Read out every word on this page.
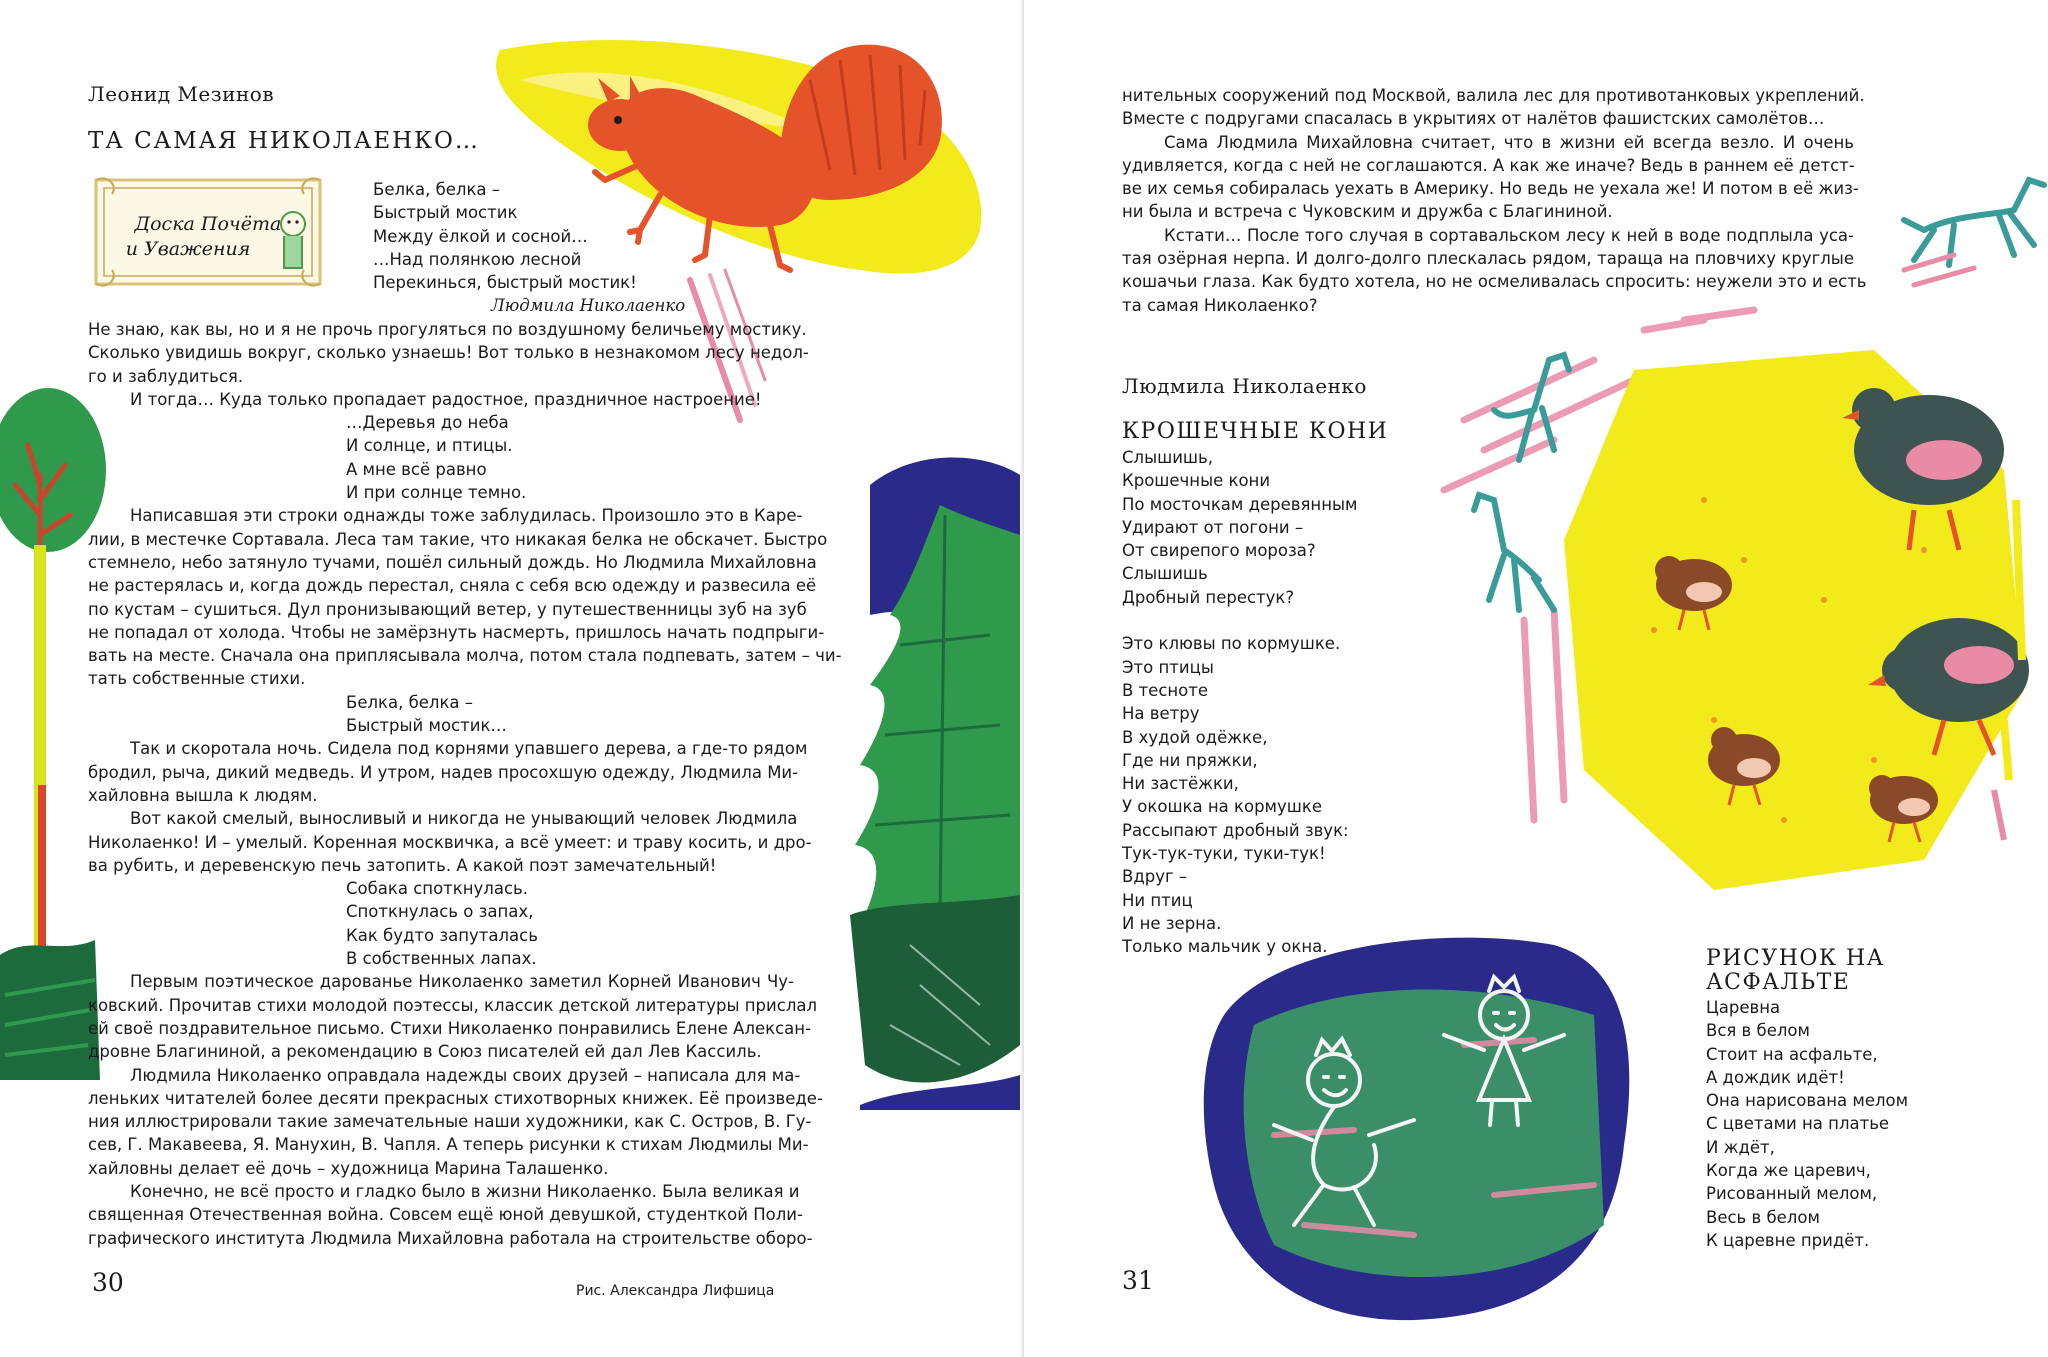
Доска Почёта
и Уважения
Леонид Мезинов
ТА САМАЯ НИКОЛАЕНКО…
Белка, белка –
Быстрый мостик
Между ёлкой и сосной…
…Над полянкою лесной
Перекинься, быстрый мостик!
Людмила Николаенко
Не знаю, как вы, но и я не прочь прогуляться по воздушному беличьему мостику.
Сколько увидишь вокруг, сколько узнаешь! Вот только в незнакомом лесу недол-
го и заблудиться.
И тогда… Куда только пропадает радостное, праздничное настроение!
…Деревья до неба
И солнце, и птицы.
А мне всё равно
И при солнце темно.
Написавшая эти строки однажды тоже заблудилась. Произошло это в Каре-
лии, в местечке Сортавала. Леса там такие, что никакая белка не обскачет. Быстро
стемнело, небо затянуло тучами, пошёл сильный дождь. Но Людмила Михайловна
не растерялась и, когда дождь перестал, сняла с себя всю одежду и развесила её
по кустам – сушиться. Дул пронизывающий ветер, у путешественницы зуб на зуб
не попадал от холода. Чтобы не замёрзнуть насмерть, пришлось начать подпрыги-
вать на месте. Сначала она приплясывала молча, потом стала подпевать, затем – чи-
тать собственные стихи.
Белка, белка –
Быстрый мостик…
Так и скоротала ночь. Сидела под корнями упавшего дерева, а где-то рядом
бродил, рыча, дикий медведь. И утром, надев просохшую одежду, Людмила Ми-
хайловна вышла к людям.
Вот какой смелый, выносливый и никогда не унывающий человек Людмила
Николаенко! И – умелый. Коренная москвичка, а всё умеет: и траву косить, и дро-
ва рубить, и деревенскую печь затопить. А какой поэт замечательный!
Собака споткнулась.
Споткнулась о запах,
Как будто запуталась
В собственных лапах.
Первым поэтическое дарованье Николаенко заметил Корней Иванович Чу-
ковский. Прочитав стихи молодой поэтессы, классик детской литературы прислал
ей своё поздравительное письмо. Стихи Николаенко понравились Елене Алексан-
дровне Благининой, а рекомендацию в Союз писателей ей дал Лев Кассиль.
Людмила Николаенко оправдала надежды своих друзей – написала для ма-
леньких читателей более десяти прекрасных стихотворных книжек. Её произведе-
ния иллюстрировали такие замечательные наши художники, как С. Остров, В. Гу-
сев, Г. Макавеева, Я. Манухин, В. Чапля. А теперь рисунки к стихам Людмилы Ми-
хайловны делает её дочь – художница Марина Талашенко.
Конечно, не всё просто и гладко было в жизни Николаенко. Была великая и
священная Отечественная война. Совсем ещё юной девушкой, студенткой Поли-
графического института Людмила Михайловна работала на строительстве оборо-
30	Рис. Александра Лифшица
нительных сооружений под Москвой, валила лес для противотанковых укреплений.
Вместе с подругами спасалась в укрытиях от налётов фашистских самолётов…
Сама Людмила Михайловна считает, что в жизни ей всегда везло. И очень
удивляется, когда с ней не соглашаются. А как же иначе? Ведь в раннем её детст-
ве их семья собиралась уехать в Америку. Но ведь не уехала же! И потом в её жиз-
ни была и встреча с Чуковским и дружба с Благининой.
Кстати… После того случая в сортавальском лесу к ней в воде подплыла уса-
тая озёрная нерпа. И долго-долго плескалась рядом, тараща на пловчиху круглые
кошачьи глаза. Как будто хотела, но не осмеливалась спросить: неужели это и есть
та самая Николаенко?
Людмила Николаенко
КРОШЕЧНЫЕ КОНИ
Слышишь,
Крошечные кони
По мосточкам деревянным
Удирают от погони –
От свирепого мороза?
Слышишь
Дробный перестук?
Это клювы по кормушке.
Это птицы
В тесноте
На ветру
В худой одёжке,
Где ни пряжки,
Ни застёжки,
У окошка на кормушке
Рассыпают дробный звук:
Тук-тук-туки, туки-тук!
Вдруг –
Ни птиц
И не зерна.
Только мальчик у окна.	РИСУНОК НА
АСФАЛЬТЕ
Царевна
Вся в белом
Стоит на асфальте,
А дождик идёт!
Она нарисована мелом
С цветами на платье
И ждёт,
Когда же царевич,
Рисованный мелом,
Весь в белом
К царевне придёт.
31
